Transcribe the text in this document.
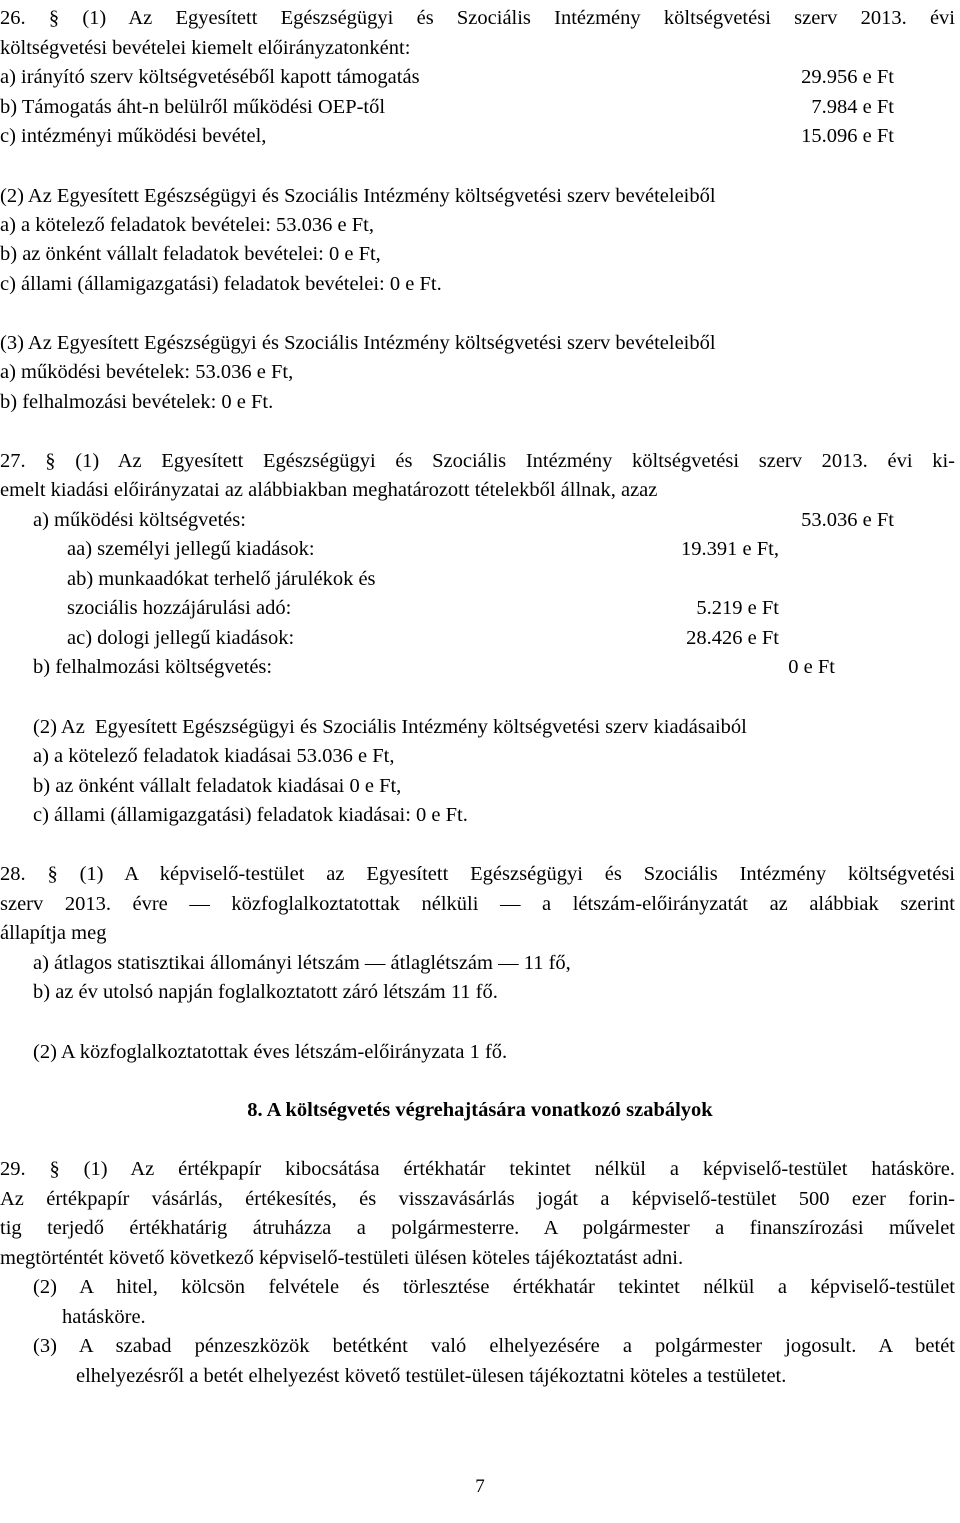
26. § (1) Az Egyesített Egészségügyi és Szociális Intézmény költségvetési szerv 2013. évi
költségvetési bevételei kiemelt előirányzatonként:
a) irányító szerv költségvetéséből kapott támogatás	29.956 e Ft
b) Támogatás áht-n belülről működési OEP-től	7.984 e Ft
c) intézményi működési bevétel,	15.096 e Ft
(2) Az Egyesített Egészségügyi és Szociális Intézmény költségvetési szerv bevételeiből
a) a kötelező feladatok bevételei: 53.036 e Ft,
b) az önként vállalt feladatok bevételei: 0 e Ft,
c) állami (államigazgatási) feladatok bevételei: 0 e Ft.
(3) Az Egyesített Egészségügyi és Szociális Intézmény költségvetési szerv bevételeiből
a) működési bevételek: 53.036 e Ft,
b) felhalmozási bevételek: 0 e Ft.
27. § (1) Az Egyesített Egészségügyi és Szociális Intézmény költségvetési szerv 2013. évi ki-
emelt kiadási előirányzatai az alábbiakban meghatározott tételekből állnak, azaz
a) működési költségvetés:	53.036 e Ft
aa) személyi jellegű kiadások:	19.391 e Ft,
ab) munkaadókat terhelő járulékok és
szociális hozzájárulási adó:	5.219 e Ft
ac) dologi jellegű kiadások:	28.426 e Ft
b) felhalmozási költségvetés:	0 e Ft
(2) Az  Egyesített Egészségügyi és Szociális Intézmény költségvetési szerv kiadásaiból
a) a kötelező feladatok kiadásai 53.036 e Ft,
b) az önként vállalt feladatok kiadásai 0 e Ft,
c) állami (államigazgatási) feladatok kiadásai: 0 e Ft.
28. § (1) A képviselő-testület az Egyesített Egészségügyi és Szociális Intézmény költségvetési
szerv 2013. évre — közfoglalkoztatottak nélküli — a létszám-előirányzatát az alábbiak szerint
állapítja meg
a) átlagos statisztikai állományi létszám — átlaglétszám — 11 fő,
b) az év utolsó napján foglalkoztatott záró létszám 11 fő.
(2) A közfoglalkoztatottak éves létszám-előirányzata 1 fő.
8. A költségvetés végrehajtására vonatkozó szabályok
29. § (1) Az értékpapír kibocsátása értékhatár tekintet nélkül a képviselő-testület hatásköre.
Az értékpapír vásárlás, értékesítés, és visszavásárlás jogát a képviselő-testület 500 ezer forin-
tig terjedő értékhatárig átruházza a polgármesterre. A polgármester a finanszírozási művelet
megtörténtét követő következő képviselő-testületi ülésen köteles tájékoztatást adni.
(2) A hitel, kölcsön felvétele és törlesztése értékhatár tekintet nélkül a képviselő-testület
hatásköre.
(3) A szabad pénzeszközök betétként való elhelyezésére a polgármester jogosult. A betét
elhelyezésről a betét elhelyezést követő testület-ülesen tájékoztatni köteles a testületet.
7
